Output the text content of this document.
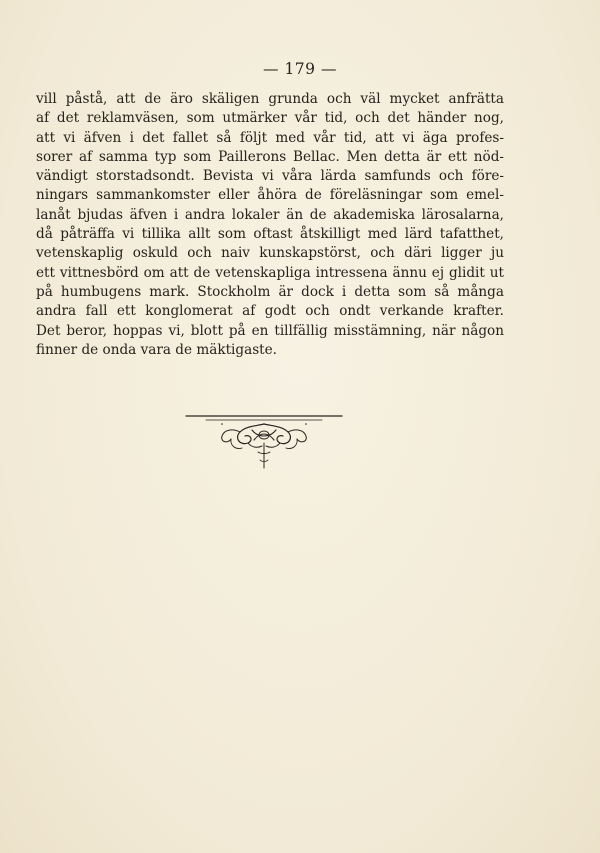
— 179 —
vill påstå, att de äro skäligen grunda och väl mycket anfrätta
af det reklamväsen, som utmärker vår tid, och det händer nog,
att vi äfven i det fallet så följt med vår tid, att vi äga profes-
sorer af samma typ som Paillerons Bellac. Men detta är ett nöd-
vändigt storstadsondt. Bevista vi våra lärda samfunds och före-
ningars sammankomster eller åhöra de föreläsningar som emel-
lanåt bjudas äfven i andra lokaler än de akademiska lärosalarna,
då påträffa vi tillika allt som oftast åtskilligt med lärd tafatthet,
vetenskaplig oskuld och naiv kunskapstörst, och däri ligger ju
ett vittnesbörd om att de vetenskapliga intressena ännu ej glidit ut
på humbugens mark. Stockholm är dock i detta som så många
andra fall ett konglomerat af godt och ondt verkande krafter.
Det beror, hoppas vi, blott på en tillfällig misstämning, när någon
finner de onda vara de mäktigaste.
